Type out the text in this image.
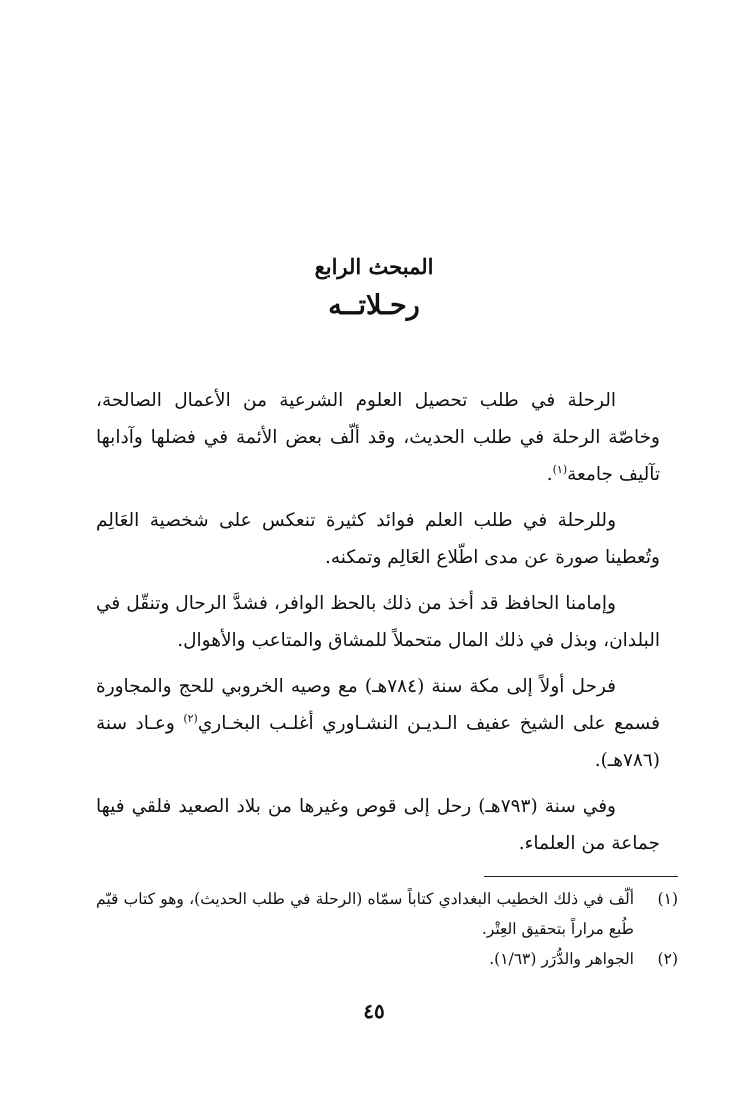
المبحث الرابع
رحـلاتــه

الرحلة في طلب تحصيل العلوم الشرعية من الأعمال الصالحة، وخاصّة الرحلة في طلب الحديث، وقد ألّف بعض الأئمة في فضلها وآدابها تآليف جامعة$^{(١)}$.

وللرحلة في طلب العلم فوائد كثيرة تنعكس على شخصية العَالِم وتُعطينا صورة عن مدى اطّلاع العَالِم وتمكنه.

وإمامنا الحافظ قد أخذ من ذلك بالحظ الوافر، فشدَّ الرحال وتنقّل في البلدان، وبذل في ذلك المال متحملاً للمشاق والمتاعب والأهوال.

فرحل أولاً إلى مكة سنة (٧٨٤هـ) مع وصيه الخروبي للحج والمجاورة فسمع على الشيخ عفيف الـديـن النشـاوري أغلـب البخـاري$^{(٢)}$ وعـاد سنة (٧٨٦هـ).

وفي سنة (٧٩٣هـ) رحل إلى قوص وغيرها من بلاد الصعيد فلقي فيها جماعة من العلماء.

(١)
ألّف في ذلك الخطيب البغدادي كتاباً سمّاه (الرحلة في طلب الحديث)، وهو كتاب قيّم طُبع مراراً بتحقيق العِتْر.
(٢)
الجواهر والدُّرَر (١/٦٣).
٤٥
